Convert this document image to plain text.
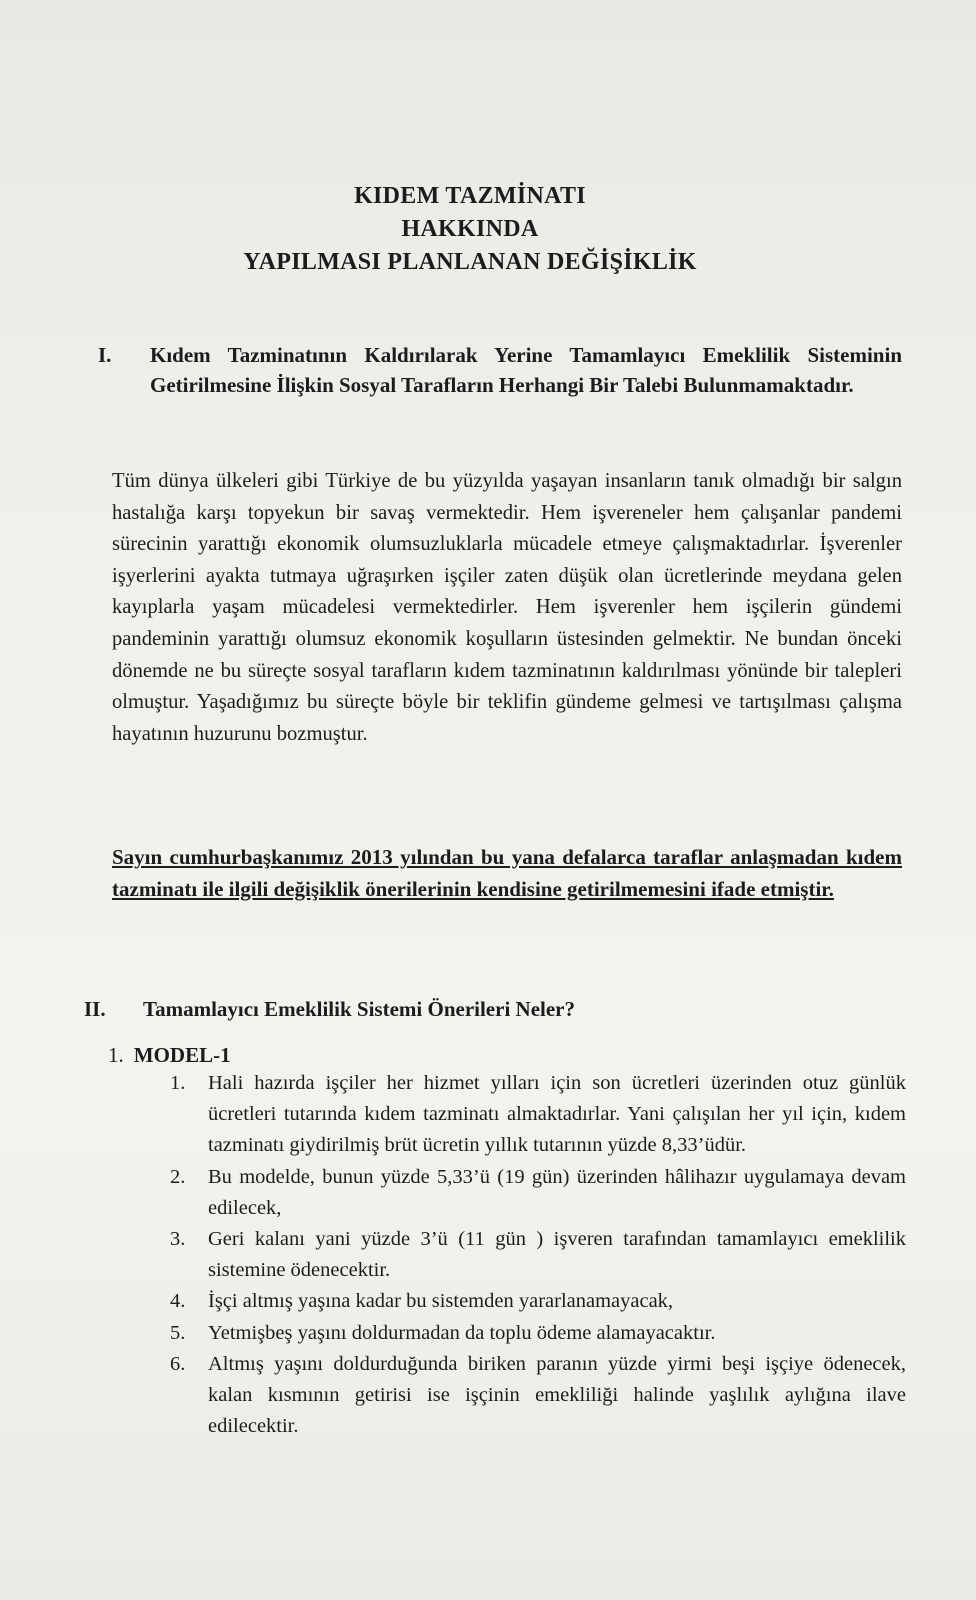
KIDEM TAZMİNATI
HAKKINDA
YAPILMASI PLANLANAN DEĞİŞİKLİK
I. Kıdem Tazminatının Kaldırılarak Yerine Tamamlayıcı Emeklilik Sisteminin Getirilmesine İlişkin Sosyal Tarafların Herhangi Bir Talebi Bulunmamaktadır.
Tüm dünya ülkeleri gibi Türkiye de bu yüzyılda yaşayan insanların tanık olmadığı bir salgın hastalığa karşı topyekun bir savaş vermektedir. Hem işvereneler hem çalışanlar pandemi sürecinin yarattığı ekonomik olumsuzluklarla mücadele etmeye çalışmaktadırlar. İşverenler işyerlerini ayakta tutmaya uğraşırken işçiler zaten düşük olan ücretlerinde meydana gelen kayıplarla yaşam mücadelesi vermektedirler. Hem işverenler hem işçilerin gündemi pandeminin yarattığı olumsuz ekonomik koşulların üstesinden gelmektir. Ne bundan önceki dönemde ne bu süreçte sosyal tarafların kıdem tazminatının kaldırılması yönünde bir talepleri olmuştur. Yaşadığımız bu süreçte böyle bir teklifin gündeme gelmesi ve tartışılması çalışma hayatının huzurunu bozmuştur.
Sayın cumhurbaşkanımız 2013 yılından bu yana defalarca taraflar anlaşmadan kıdem tazminatı ile ilgili değişiklik önerilerinin kendisine getirilmemesini ifade etmiştir.
II. Tamamlayıcı Emeklilik Sistemi Önerileri Neler?
1. MODEL-1
1. Hali hazırda işçiler her hizmet yılları için son ücretleri üzerinden otuz günlük ücretleri tutarında kıdem tazminatı almaktadırlar. Yani çalışılan her yıl için, kıdem tazminatı giydirilmiş brüt ücretin yıllık tutarının yüzde 8,33’üdür.
2. Bu modelde, bunun yüzde 5,33’ü (19 gün) üzerinden hâlihazır uygulamaya devam edilecek,
3. Geri kalanı yani yüzde 3’ü (11 gün ) işveren tarafından tamamlayıcı emeklilik sistemine ödenecektir.
4. İşçi altmış yaşına kadar bu sistemden yararlanamayacak,
5. Yetmişbeş yaşını doldurmadan da toplu ödeme alamayacaktır.
6. Altmış yaşını doldurduğunda biriken paranın yüzde yirmi beşi işçiye ödenecek, kalan kısmının getirisi ise işçinin emekliliği halinde yaşlılık aylığına ilave edilecektir.
